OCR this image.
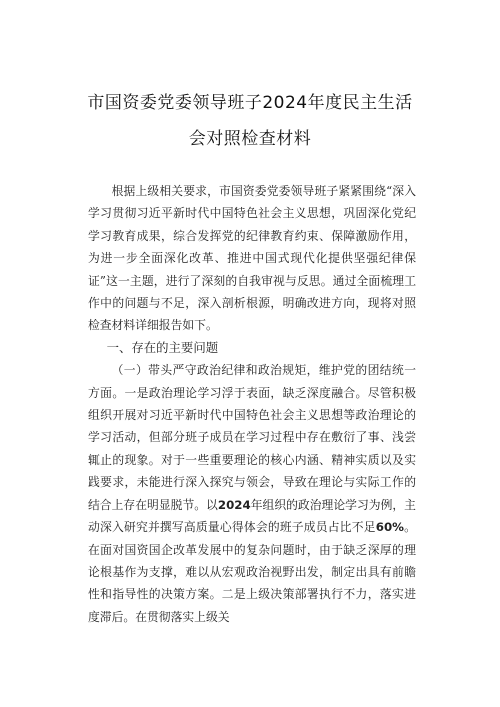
市国资委党委领导班子2024年度民主生活
会对照检查材料

根据上级相关要求，市国资委党委领导班子紧紧围绕“深入学习贯彻习近平新时代中国特色社会主义思想，巩固深化党纪学习教育成果，综合发挥党的纪律教育约束、保障激励作用，为进一步全面深化改革、推进中国式现代化提供坚强纪律保证”这一主题，进行了深刻的自我审视与反思。通过全面梳理工作中的问题与不足，深入剖析根源，明确改进方向，现将对照检查材料详细报告如下。

一、存在的主要问题

（一）带头严守政治纪律和政治规矩，维护党的团结统一方面。一是政治理论学习浮于表面，缺乏深度融合。尽管积极组织开展对习近平新时代中国特色社会主义思想等政治理论的学习活动，但部分班子成员在学习过程中存在敷衍了事、浅尝辄止的现象。对于一些重要理论的核心内涵、精神实质以及实践要求，未能进行深入探究与领会，导致在理论与实际工作的结合上存在明显脱节。以2024年组织的政治理论学习为例，主动深入研究并撰写高质量心得体会的班子成员占比不足60%。在面对国资国企改革发展中的复杂问题时，由于缺乏深厚的理论根基作为支撑，难以从宏观政治视野出发，制定出具有前瞻性和指导性的决策方案。二是上级决策部署执行不力，落实进度滞后。在贯彻落实上级关
